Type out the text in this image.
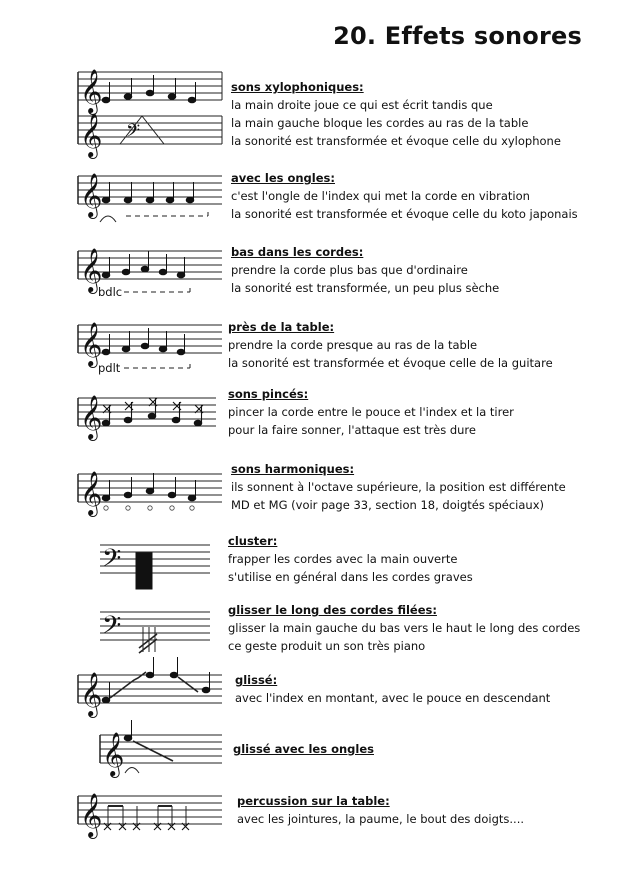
20. Effets sonores
𝄞
𝄞 𝄢
𝄞
𝄞
𝄞
𝄞
𝄞
𝄢
𝄢
𝄞
𝄞
𝄞
bdlc
pdlt
sons xylophoniques:
la main droite joue ce qui est écrit tandis que
la main gauche bloque les cordes au ras de la table
la sonorité est transformée et évoque celle du xylophone
avec les ongles:
c'est l'ongle de l'index qui met la corde en vibration
la sonorité est transformée et évoque celle du koto japonais
bas dans les cordes:
prendre la corde plus bas que d'ordinaire
la sonorité est transformée, un peu plus sèche
près de la table:
prendre la corde presque au ras de la table
la sonorité est transformée et évoque celle de la guitare
sons pincés:
pincer la corde entre le pouce et l'index et la tirer
pour la faire sonner, l'attaque est très dure
sons harmoniques:
ils sonnent à l'octave supérieure, la position est différente
MD et MG (voir page 33, section 18, doigtés spéciaux)
cluster:
frapper les cordes avec la main ouverte
s'utilise en général dans les cordes graves
glisser le long des cordes filées:
glisser la main gauche du bas vers le haut le long des cordes
ce geste produit un son très piano
glissé:
avec l'index en montant, avec le pouce en descendant
glissé avec les ongles
percussion sur la table:
avec les jointures, la paume, le bout des doigts....
